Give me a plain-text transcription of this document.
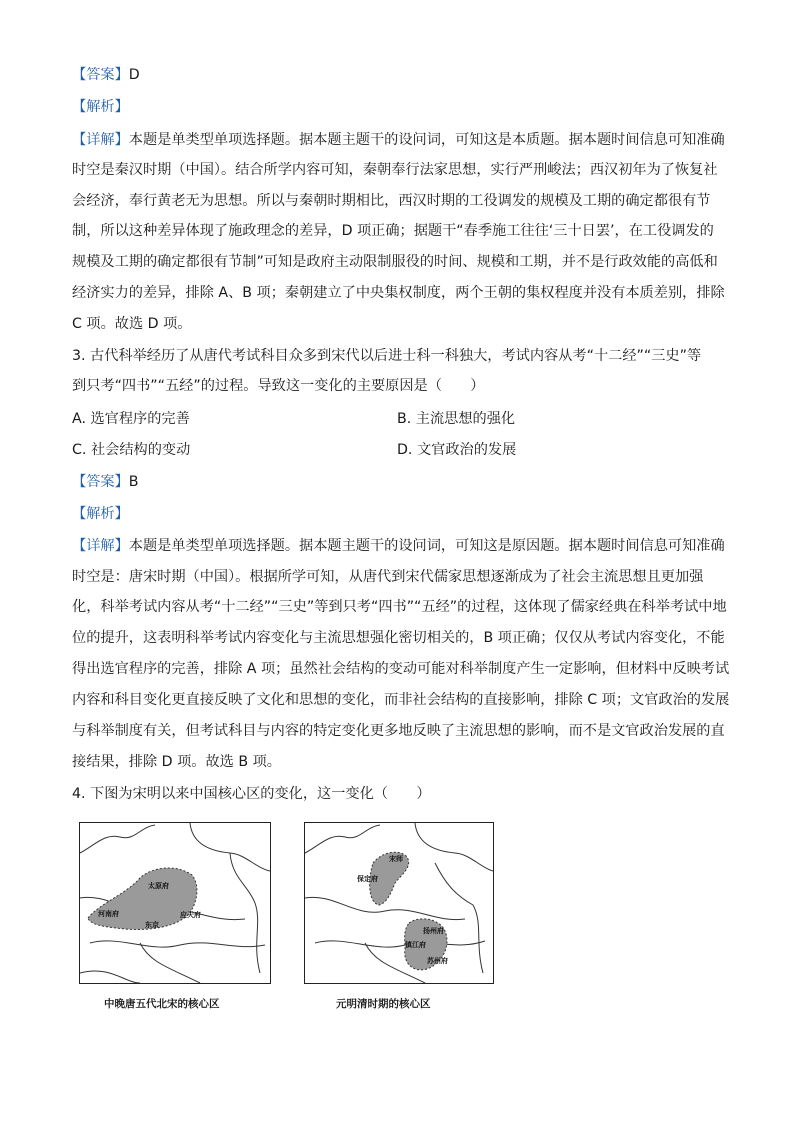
【答案】D
【解析】
【详解】本题是单类型单项选择题。据本题主题干的设问词，可知这是本质题。据本题时间信息可知准确
时空是秦汉时期（中国）。结合所学内容可知，秦朝奉行法家思想，实行严刑峻法；西汉初年为了恢复社
会经济，奉行黄老无为思想。所以与秦朝时期相比，西汉时期的工役调发的规模及工期的确定都很有节
制，所以这种差异体现了施政理念的差异，D 项正确；据题干“春季施工往往‘三十日罢’，在工役调发的
规模及工期的确定都很有节制”可知是政府主动限制服役的时间、规模和工期，并不是行政效能的高低和
经济实力的差异，排除 A、B 项；秦朝建立了中央集权制度，两个王朝的集权程度并没有本质差别，排除
C 项。故选 D 项。
3. 古代科举经历了从唐代考试科目众多到宋代以后进士科一科独大，考试内容从考“十二经”“三史”等
到只考“四书”“五经”的过程。导致这一变化的主要原因是（　　）
A. 选官程序的完善	B. 主流思想的强化
C. 社会结构的变动	D. 文官政治的发展
【答案】B
【解析】
【详解】本题是单类型单项选择题。据本题主题干的设问词，可知这是原因题。据本题时间信息可知准确
时空是：唐宋时期（中国）。根据所学可知，从唐代到宋代儒家思想逐渐成为了社会主流思想且更加强
化，科举考试内容从考“十二经”“三史”等到只考“四书”“五经”的过程，这体现了儒家经典在科举考试中地
位的提升，这表明科举考试内容变化与主流思想强化密切相关的，B 项正确；仅仅从考试内容变化，不能
得出选官程序的完善，排除 A 项；虽然社会结构的变动可能对科举制度产生一定影响，但材料中反映考试
内容和科目变化更直接反映了文化和思想的变化，而非社会结构的直接影响，排除 C 项；文官政治的发展
与科举制度有关，但考试科目与内容的特定变化更多地反映了主流思想的影响，而不是文官政治发展的直
接结果，排除 D 项。故选 B 项。
4. 下图为宋明以来中国核心区的变化，这一变化（　　）
太原府
河南府	应天府
东京
中晚唐五代北宋的核心区
宋师
保定府
扬州府
镇江府
苏州府
元明清时期的核心区
